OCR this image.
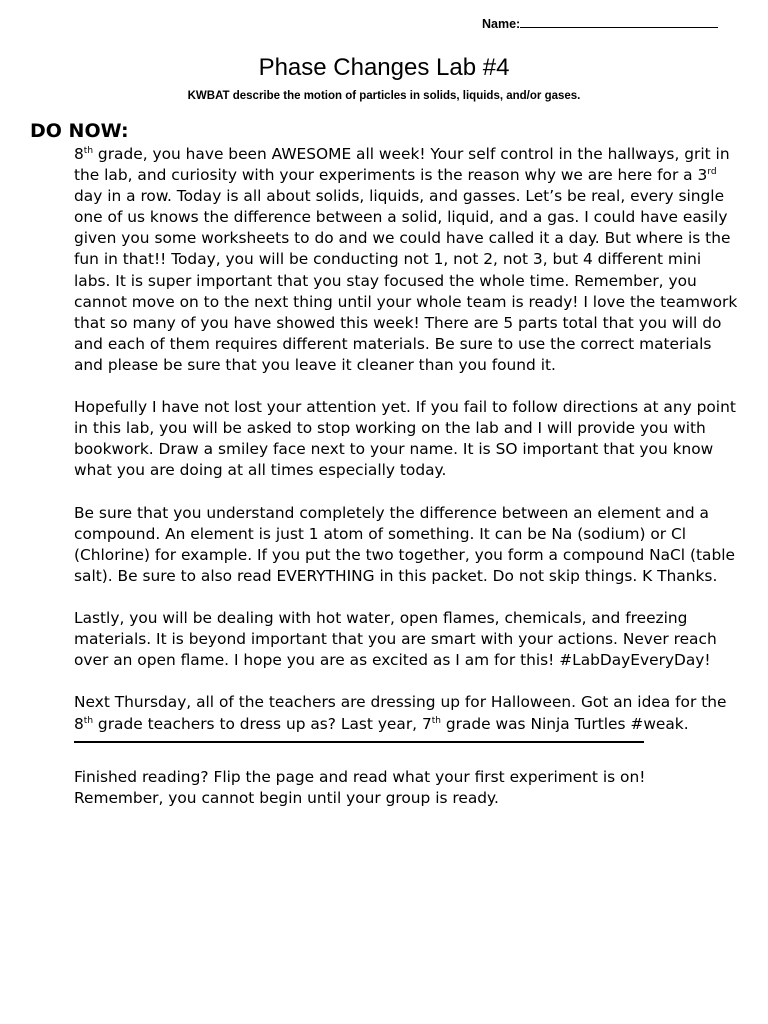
Name:
Phase Changes Lab #4
KWBAT describe the motion of particles in solids, liquids, and/or gases.
DO NOW:

8th grade, you have been AWESOME all week! Your self control in the hallways, grit in the lab, and curiosity with your experiments is the reason why we are here for a 3rd day in a row. Today is all about solids, liquids, and gasses. Let’s be real, every single one of us knows the difference between a solid, liquid, and a gas. I could have easily given you some worksheets to do and we could have called it a day. But where is the fun in that!! Today, you will be conducting not 1, not 2, not 3, but 4 different mini labs. It is super important that you stay focused the whole time. Remember, you cannot move on to the next thing until your whole team is ready! I love the teamwork that so many of you have showed this week! There are 5 parts total that you will do and each of them requires different materials. Be sure to use the correct materials and please be sure that you leave it cleaner than you found it.

Hopefully I have not lost your attention yet. If you fail to follow directions at any point in this lab, you will be asked to stop working on the lab and I will provide you with bookwork. Draw a smiley face next to your name. It is SO important that you know what you are doing at all times especially today.

Be sure that you understand completely the difference between an element and a compound. An element is just 1 atom of something. It can be Na (sodium) or Cl (Chlorine) for example. If you put the two together, you form a compound NaCl (table salt). Be sure to also read EVERYTHING in this packet. Do not skip things. K Thanks.

Lastly, you will be dealing with hot water, open flames, chemicals, and freezing materials. It is beyond important that you are smart with your actions. Never reach over an open flame. I hope you are as excited as I am for this! #LabDayEveryDay!

Next Thursday, all of the teachers are dressing up for Halloween. Got an idea for the 8th grade teachers to dress up as? Last year, 7th grade was Ninja Turtles #weak.

Finished reading? Flip the page and read what your first experiment is on! Remember, you cannot begin until your group is ready.
